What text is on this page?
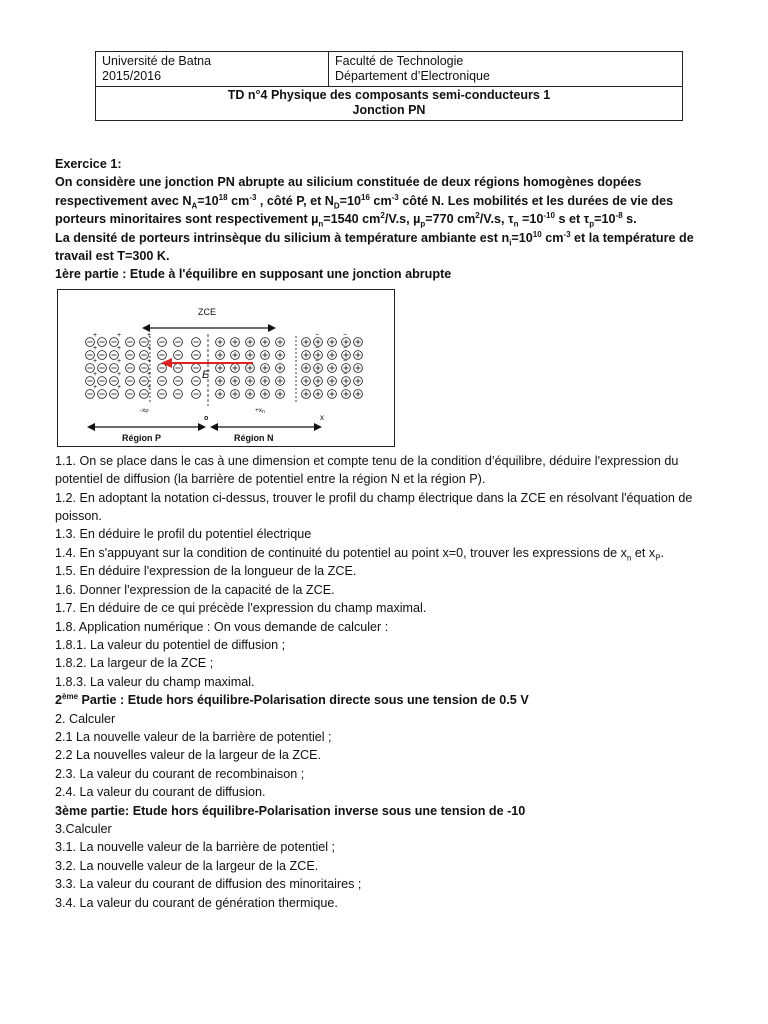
Université de Batna
2015/2016

Faculté de Technologie
Département d’Electronique

TD n°4 Physique des composants semi-conducteurs 1
Jonction PN

Exercice 1:

On considère une jonction PN abrupte au silicium constituée de deux régions homogènes dopées respectivement avec $N_A=10^{18}$ $cm^{-3}$ , côté P, et $N_D=10^{16}$ $cm^{-3}$ côté N. Les mobilités et les durées de vie des porteurs minoritaires sont respectivement µ$_n$=1540 $cm^2/V.s$, µ$_p$=770 $cm^2/V.s$, $\tau_n =10^{-10}$ s et $\tau_p=10^{-8}$ s.

La densité de porteurs intrinsèque du silicium à température ambiante est $n_i=10^{10}$ $cm^{-3}$ et la température de travail est T=300 K.

1ère partie : Etude à l'équilibre en supposant une jonction abrupte

+	+	+	−	−
+	+	+	−	−
+	+	+	−	−
+	+	+	−	−
+	+	+	−	−
ZCE
E
-xP
o
+xn
x
Région P	Région N

1.1. On se place dans le cas à une dimension et compte tenu de la condition d’équilibre, déduire l'expression du potentiel de diffusion (la barrière de potentiel entre la région N et la région P).

1.2. En adoptant la notation ci-dessus, trouver le profil du champ électrique dans la ZCE en résolvant l'équation de poisson.

1.3. En déduire le profil du potentiel électrique

1.4. En s'appuyant sur la condition de continuité du potentiel au point x=0, trouver les expressions de $x_n$ et $x_P$.

1.5. En déduire l'expression de la longueur de la ZCE.

1.6. Donner l'expression de la capacité de la ZCE.

1.7. En déduire de ce qui précède l'expression du champ maximal.

1.8. Application numérique : On vous demande de calculer :

1.8.1. La valeur du potentiel de diffusion ;

1.8.2. La largeur de la ZCE ;

1.8.3. La valeur du champ maximal.

2ème Partie : Etude hors équilibre-Polarisation directe sous une tension de 0.5 V

2. Calculer

2.1 La nouvelle valeur de la barrière de potentiel ;

2.2 La nouvelles valeur de la largeur de la ZCE.

2.3. La valeur du courant de recombinaison ;

2.4. La valeur du courant de diffusion.

3ème partie: Etude hors équilibre-Polarisation inverse sous une tension de -10

3.Calculer

3.1. La nouvelle valeur de la barrière de potentiel ;

3.2. La nouvelle valeur de la largeur de la ZCE.

3.3. La valeur du courant de diffusion des minoritaires ;

3.4. La valeur du courant de génération thermique.
